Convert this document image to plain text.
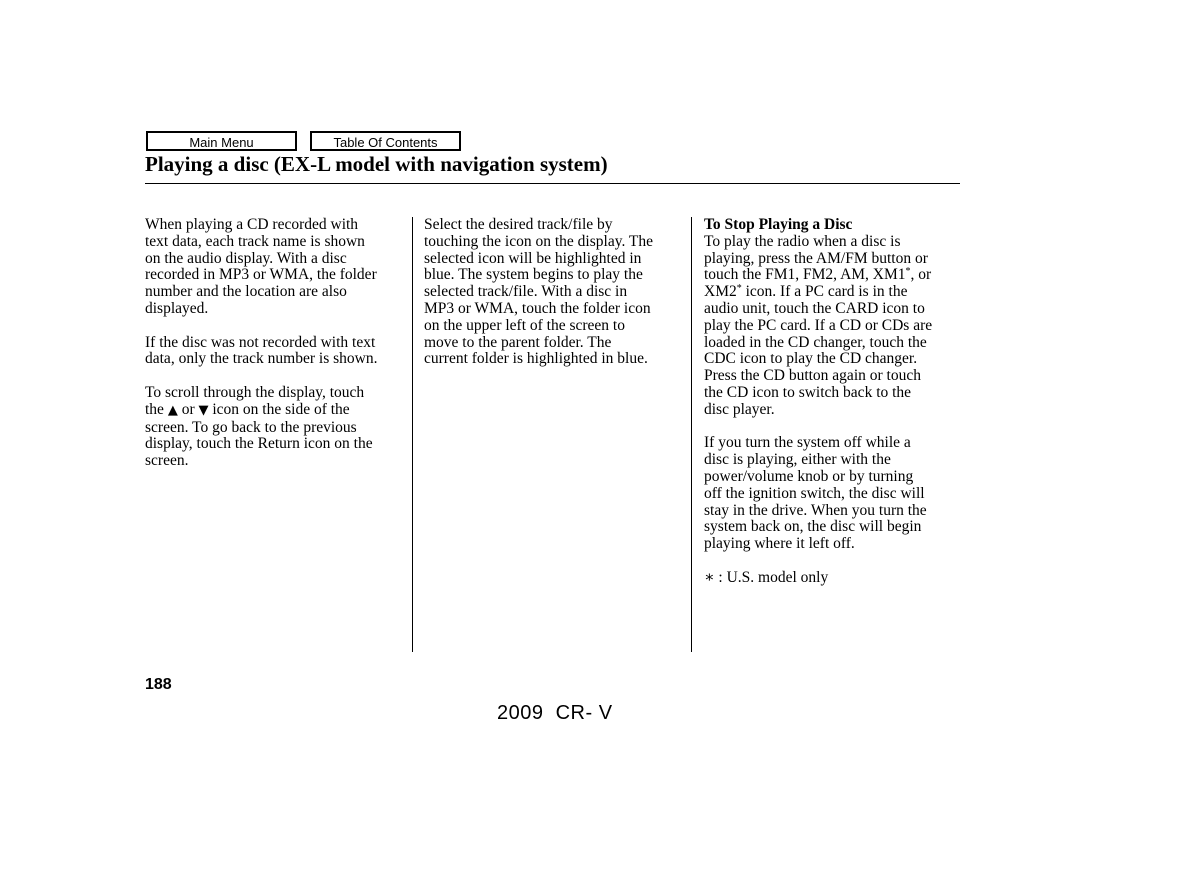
Main Menu	Table Of Contents
Playing a disc (EX-L model with navigation system)

When playing a CD recorded with
text data, each track name is shown
on the audio display. With a disc
recorded in MP3 or WMA, the folder
number and the location are also
displayed.

If the disc was not recorded with text
data, only the track number is shown.

To scroll through the display, touch
the ▲ or ▼ icon on the side of the
screen. To go back to the previous
display, touch the Return icon on the
screen.

Select the desired track/file by
touching the icon on the display. The
selected icon will be highlighted in
blue. The system begins to play the
selected track/file. With a disc in
MP3 or WMA, touch the folder icon
on the upper left of the screen to
move to the parent folder. The
current folder is highlighted in blue.

To Stop Playing a Disc

To play the radio when a disc is
playing, press the AM/FM button or
touch the FM1, FM2, AM, XM1*, or
XM2* icon. If a PC card is in the
audio unit, touch the CARD icon to
play the PC card. If a CD or CDs are
loaded in the CD changer, touch the
CDC icon to play the CD changer.
Press the CD button again or touch
the CD icon to switch back to the
disc player.

If you turn the system off while a
disc is playing, either with the
power/volume knob or by turning
off the ignition switch, the disc will
stay in the drive. When you turn the
system back on, the disc will begin
playing where it left off.

∗ : U.S. model only

188
2009  CR- V
